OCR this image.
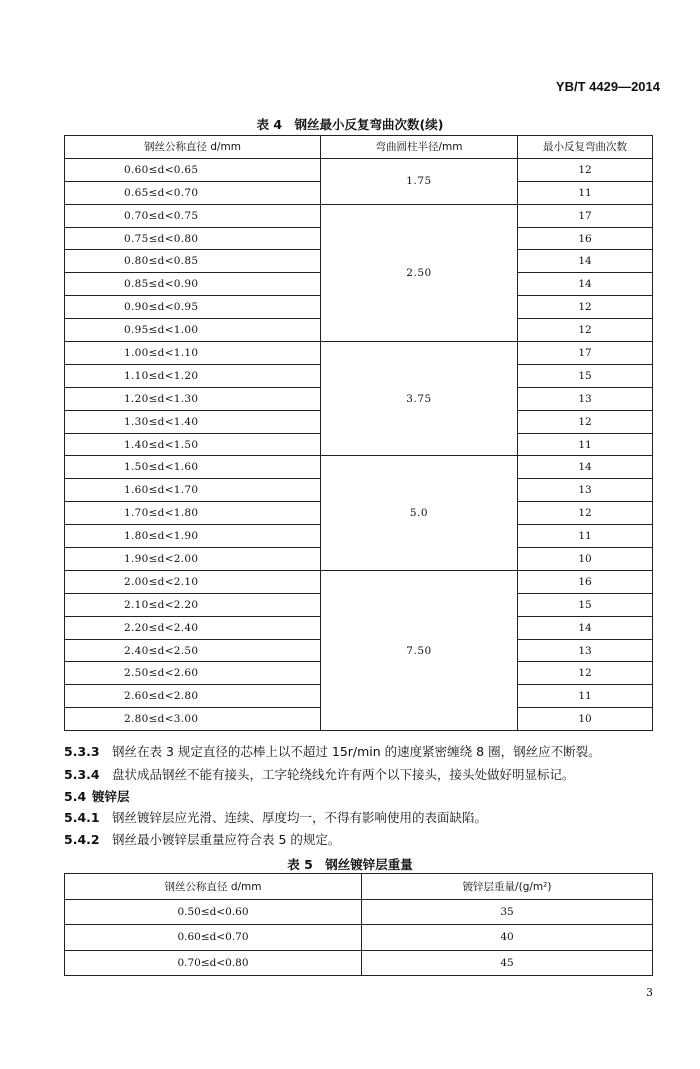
YB/T 4429—2014
表 4　钢丝最小反复弯曲次数(续)
钢丝公称直径 d/mm	弯曲圆柱半径/mm	最小反复弯曲次数
0.60≤d<0.65	1.75	12
0.65≤d<0.70		11
0.70≤d<0.75	2.50	17
0.75≤d<0.80		16
0.80≤d<0.85		14
0.85≤d<0.90		14
0.90≤d<0.95		12
0.95≤d<1.00		12
1.00≤d<1.10	3.75	17
1.10≤d<1.20		15
1.20≤d<1.30		13
1.30≤d<1.40		12
1.40≤d<1.50		11
1.50≤d<1.60	5.0	14
1.60≤d<1.70		13
1.70≤d<1.80		12
1.80≤d<1.90		11
1.90≤d<2.00		10
2.00≤d<2.10	7.50	16
2.10≤d<2.20		15
2.20≤d<2.40		14
2.40≤d<2.50		13
2.50≤d<2.60		12
2.60≤d<2.80		11
2.80≤d<3.00		10
5.3.3 钢丝在表 3 规定直径的芯棒上以不超过 15r/min 的速度紧密缠绕 8 圈，钢丝应不断裂。
5.3.4 盘状成品钢丝不能有接头，工字轮绕线允许有两个以下接头，接头处做好明显标记。
5.4 镀锌层
5.4.1 钢丝镀锌层应光滑、连续、厚度均一，不得有影响使用的表面缺陷。
5.4.2 钢丝最小镀锌层重量应符合表 5 的规定。
表 5　钢丝镀锌层重量
钢丝公称直径 d/mm	镀锌层重量/(g/m²)
0.50≤d<0.60	35
0.60≤d<0.70	40
0.70≤d<0.80	45
3
